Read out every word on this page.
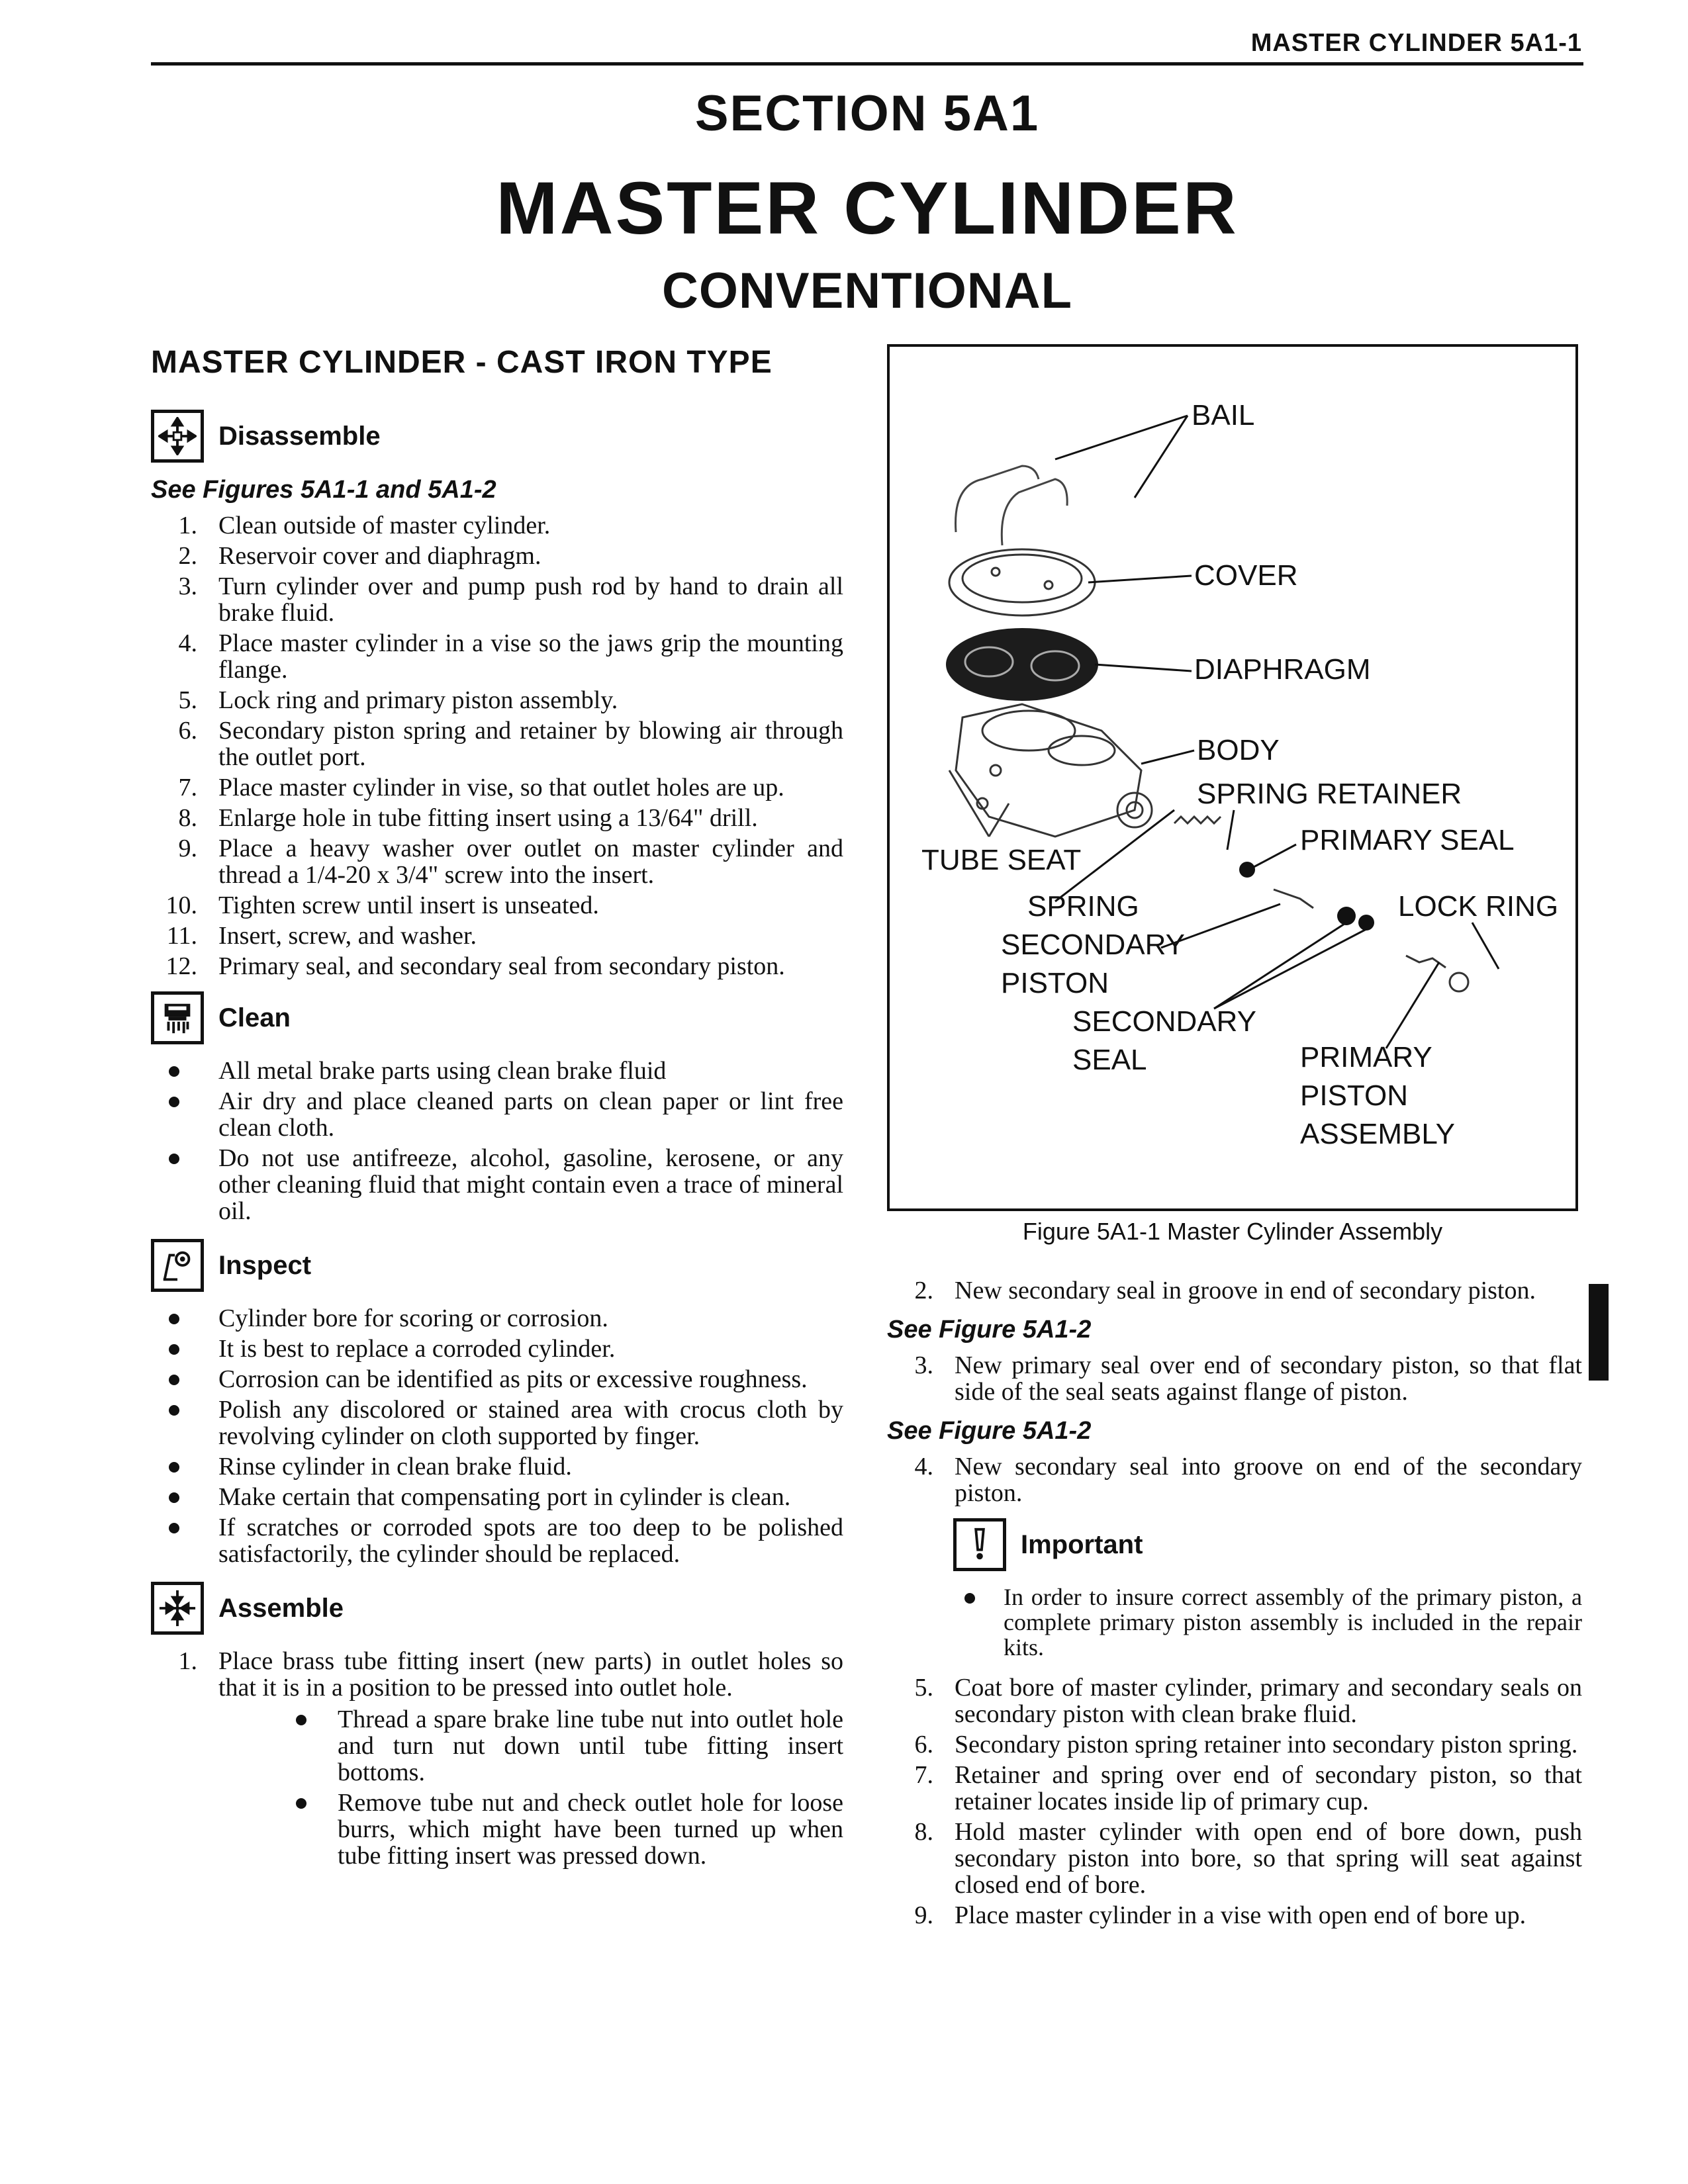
MASTER CYLINDER 5A1-1
SECTION 5A1
MASTER CYLINDER
CONVENTIONAL
MASTER CYLINDER - CAST IRON TYPE
Disassemble
See Figures 5A1-1 and 5A1-2
1. Clean outside of master cylinder.
2. Reservoir cover and diaphragm.
3. Turn cylinder over and pump push rod by hand to drain all brake fluid.
4. Place master cylinder in a vise so the jaws grip the mounting flange.
5. Lock ring and primary piston assembly.
6. Secondary piston spring and retainer by blowing air through the outlet port.
7. Place master cylinder in vise, so that outlet holes are up.
8. Enlarge hole in tube fitting insert using a 13/64" drill.
9. Place a heavy washer over outlet on master cylinder and thread a 1/4-20 x 3/4" screw into the insert.
10. Tighten screw until insert is unseated.
11. Insert, screw, and washer.
12. Primary seal, and secondary seal from secondary piston.
Clean
All metal brake parts using clean brake fluid
Air dry and place cleaned parts on clean paper or lint free clean cloth.
Do not use antifreeze, alcohol, gasoline, kerosene, or any other cleaning fluid that might contain even a trace of mineral oil.
Inspect
Cylinder bore for scoring or corrosion.
It is best to replace a corroded cylinder.
Corrosion can be identified as pits or excessive roughness.
Polish any discolored or stained area with crocus cloth by revolving cylinder on cloth supported by finger.
Rinse cylinder in clean brake fluid.
Make certain that compensating port in cylinder is clean.
If scratches or corroded spots are too deep to be polished satisfactorily, the cylinder should be replaced.
Assemble
1. Place brass tube fitting insert (new parts) in outlet holes so that it is in a position to be pressed into outlet hole.
Thread a spare brake line tube nut into outlet hole and turn nut down until tube fitting insert bottoms.
Remove tube nut and check outlet hole for loose burrs, which might have been turned up when tube fitting insert was pressed down.
BAIL
COVER
DIAPHRAGM
BODY
SPRING RETAINER
PRIMARY SEAL
TUBE SEAT
LOCK RING
SPRING
SECONDARY
PISTON
SECONDARY
SEAL	PRIMARY
PISTON
ASSEMBLY
Figure 5A1-1 Master Cylinder Assembly
2. New secondary seal in groove in end of secondary piston.
See Figure 5A1-2
3. New primary seal over end of secondary piston, so that flat side of the seal seats against flange of piston.
See Figure 5A1-2
4. New secondary seal into groove on end of the secondary piston.
Important
In order to insure correct assembly of the primary piston, a complete primary piston assembly is included in the repair kits.
5. Coat bore of master cylinder, primary and secondary seals on secondary piston with clean brake fluid.
6. Secondary piston spring retainer into secondary piston spring.
7. Retainer and spring over end of secondary piston, so that retainer locates inside lip of primary cup.
8. Hold master cylinder with open end of bore down, push secondary piston into bore, so that spring will seat against closed end of bore.
9. Place master cylinder in a vise with open end of bore up.
